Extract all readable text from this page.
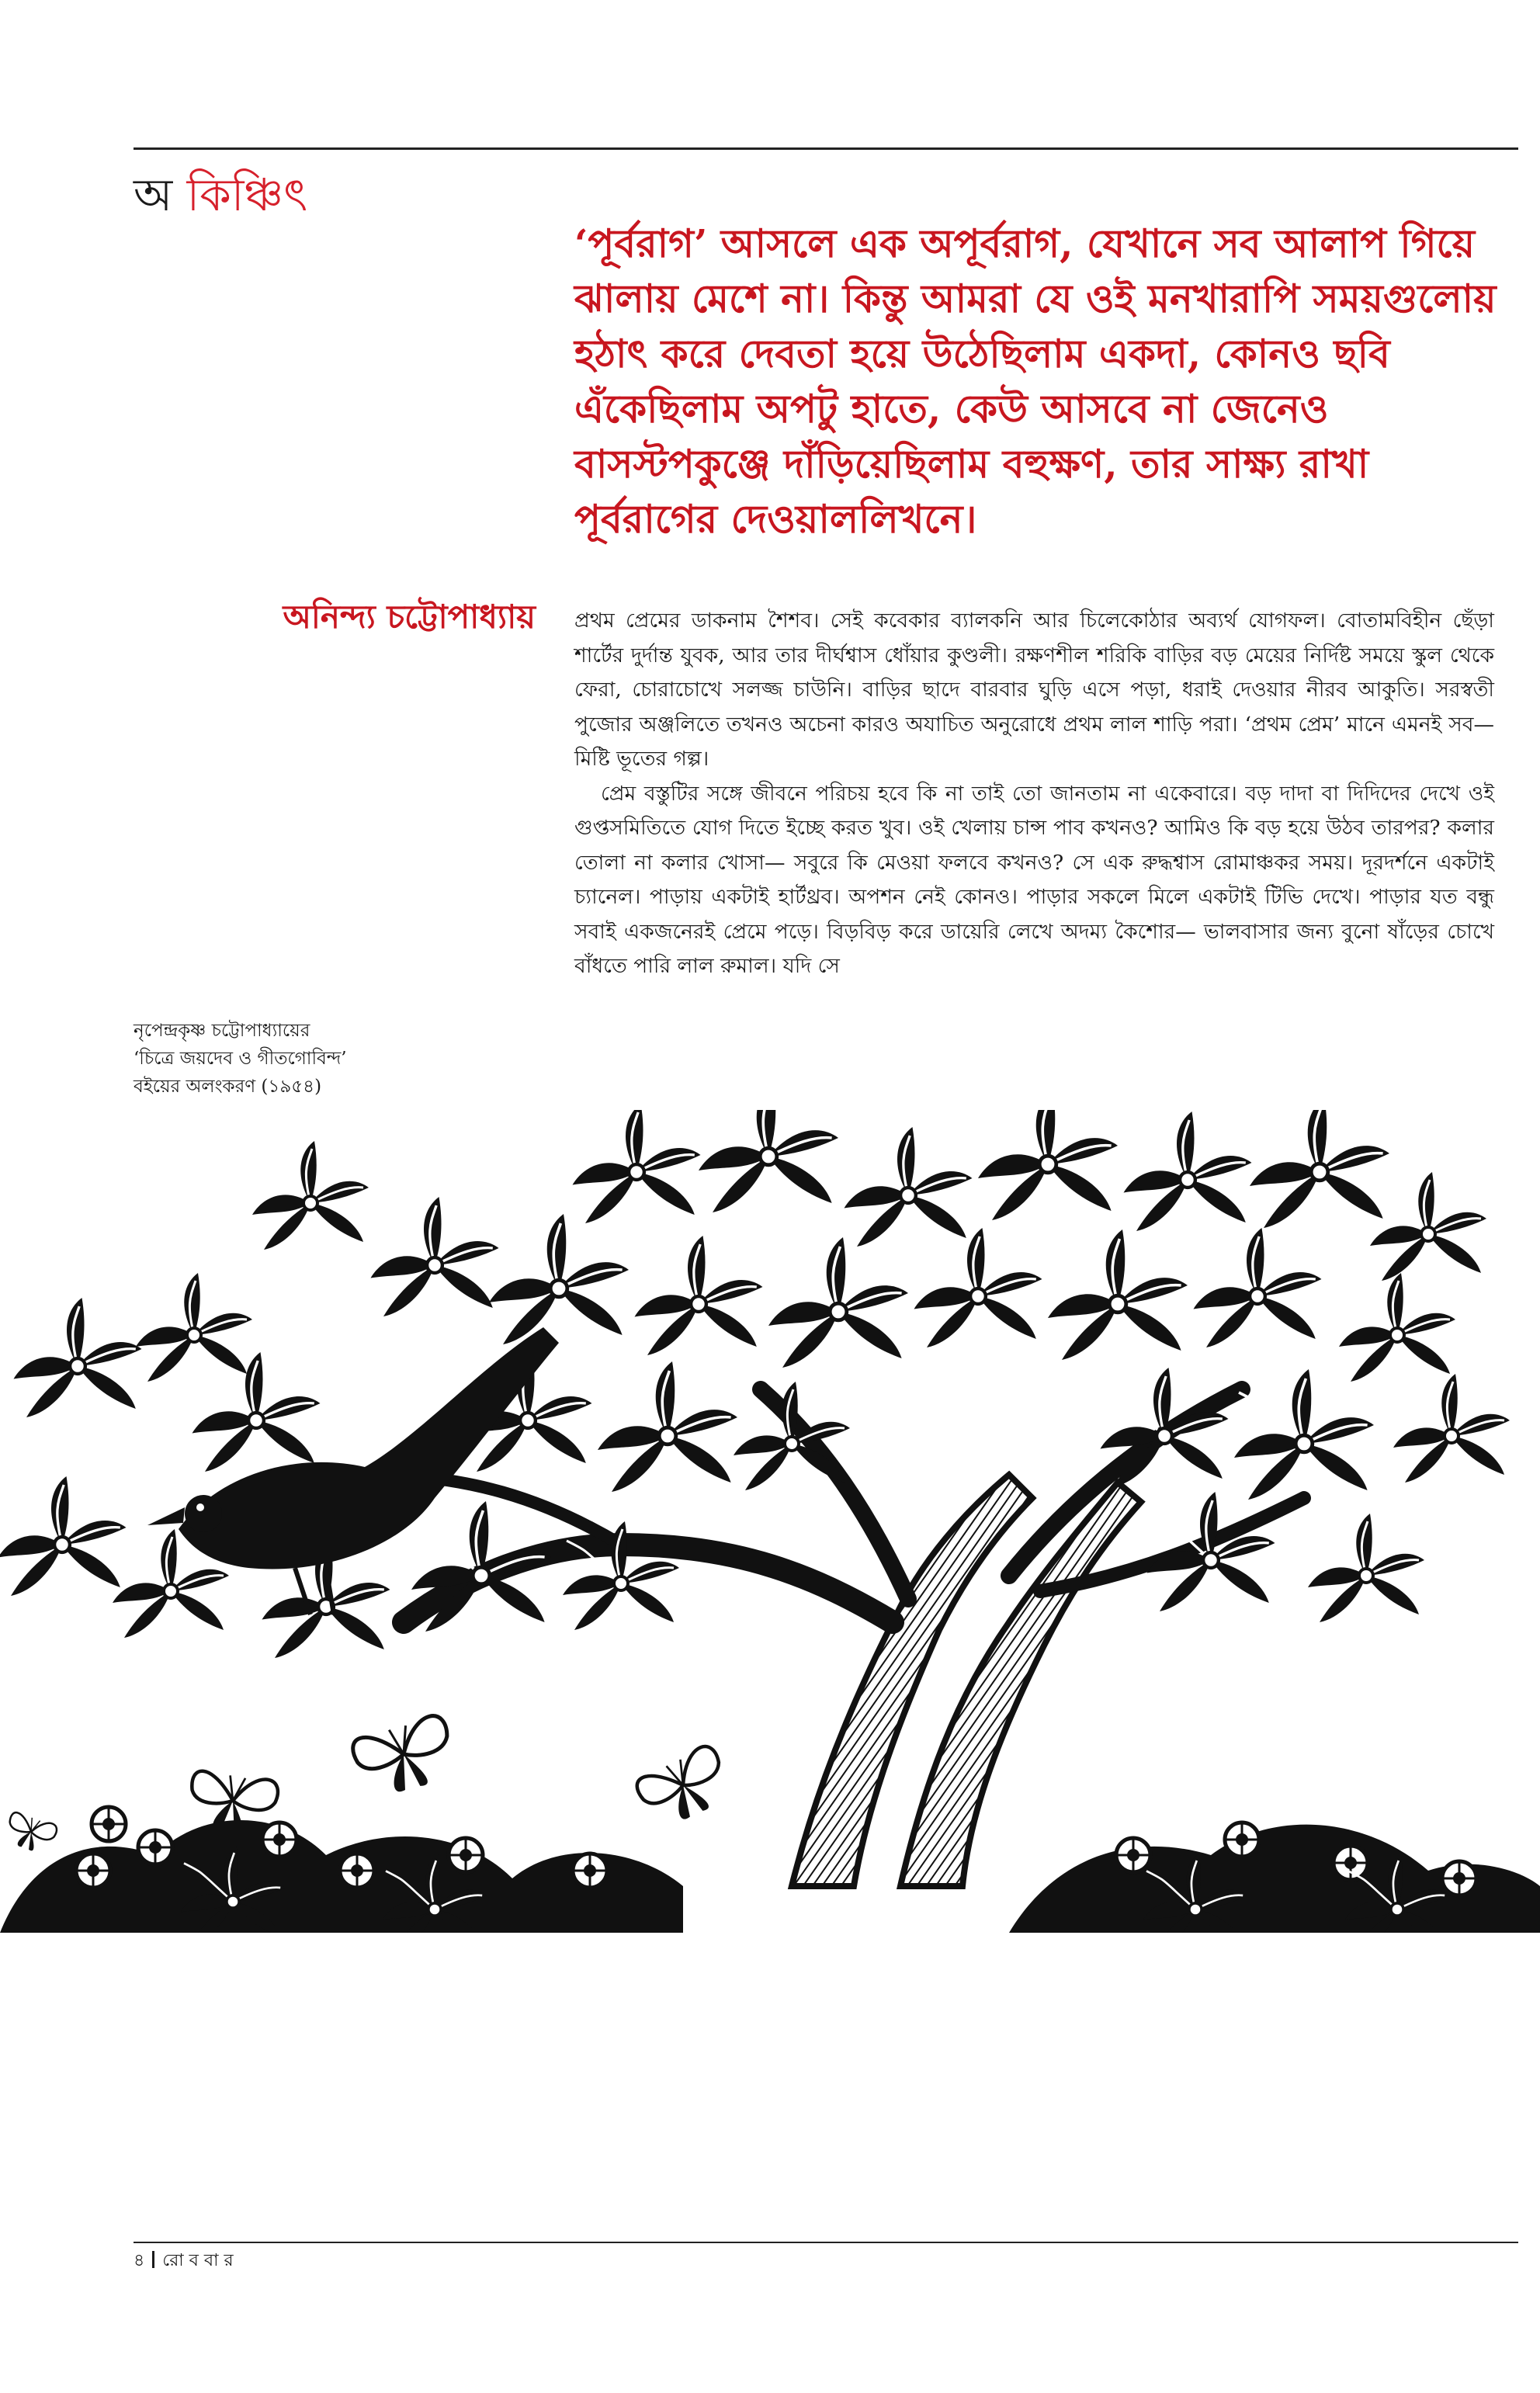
অ কিঞ্চিৎ

‘পূর্বরাগ’ আসলে এক অপূর্বরাগ, যেখানে সব আলাপ গিয়ে ঝালায় মেশে না। কিন্তু আমরা যে ওই মনখারাপি সময়গুলোয় হঠাৎ করে দেবতা হয়ে উঠেছিলাম একদা, কোনও ছবি এঁকেছিলাম অপটু হাতে, কেউ আসবে না জেনেও বাসস্টপকুঞ্জে দাঁড়িয়েছিলাম বহুক্ষণ, তার সাক্ষ্য রাখা পূর্বরাগের দেওয়াললিখনে।

অনিন্দ্য চট্টোপাধ্যায় প্রথম প্রেমের ডাকনাম শৈশব। সেই কবেকার ব্যালকনি আর চিলেকোঠার অব্যর্থ যোগফল। বোতামবিহীন ছেঁড়া শার্টের দুর্দান্ত যুবক, আর তার দীর্ঘশ্বাস ধোঁয়ার কুণ্ডলী। রক্ষণশীল শরিকি বাড়ির বড় মেয়ের নির্দিষ্ট সময়ে স্কুল থেকে ফেরা, চোরাচোখে সলজ্জ চাউনি। বাড়ির ছাদে বারবার ঘুড়ি এসে পড়া, ধরাই দেওয়ার নীরব আকুতি। সরস্বতী পুজোর অঞ্জলিতে তখনও অচেনা কারও অযাচিত অনুরোধে প্রথম লাল শাড়ি পরা। ‘প্রথম প্রেম’ মানে এমনই সব— মিষ্টি ভূতের গল্প।

প্রেম বস্তুটির সঙ্গে জীবনে পরিচয় হবে কি না তাই তো জানতাম না একেবারে। বড় দাদা বা দিদিদের দেখে ওই গুপ্তসমিতিতে যোগ দিতে ইচ্ছে করত খুব। ওই খেলায় চান্স পাব কখনও? আমিও কি বড় হয়ে উঠব তারপর? কলার তোলা না কলার খোসা— সবুরে কি মেওয়া ফলবে কখনও? সে এক রুদ্ধশ্বাস রোমাঞ্চকর সময়। দূরদর্শনে একটাই চ্যানেল। পাড়ায় একটাই হার্টথ্রব। অপশন নেই কোনও। পাড়ার সকলে মিলে একটাই টিভি দেখে। পাড়ার যত বন্ধু সবাই একজনেরই প্রেমে পড়ে। বিড়বিড় করে ডায়েরি লেখে অদম্য কৈশোর— ভালবাসার জন্য বুনো ষাঁড়ের চোখে বাঁধতে পারি লাল রুমাল। যদি সে

নৃপেন্দ্রকৃষ্ণ চট্টোপাধ্যায়ের
‘চিত্রে জয়দেব ও গীতগোবিন্দ’
বইয়ের অলংকরণ (১৯৫৪)
৪ রো ব বা র
